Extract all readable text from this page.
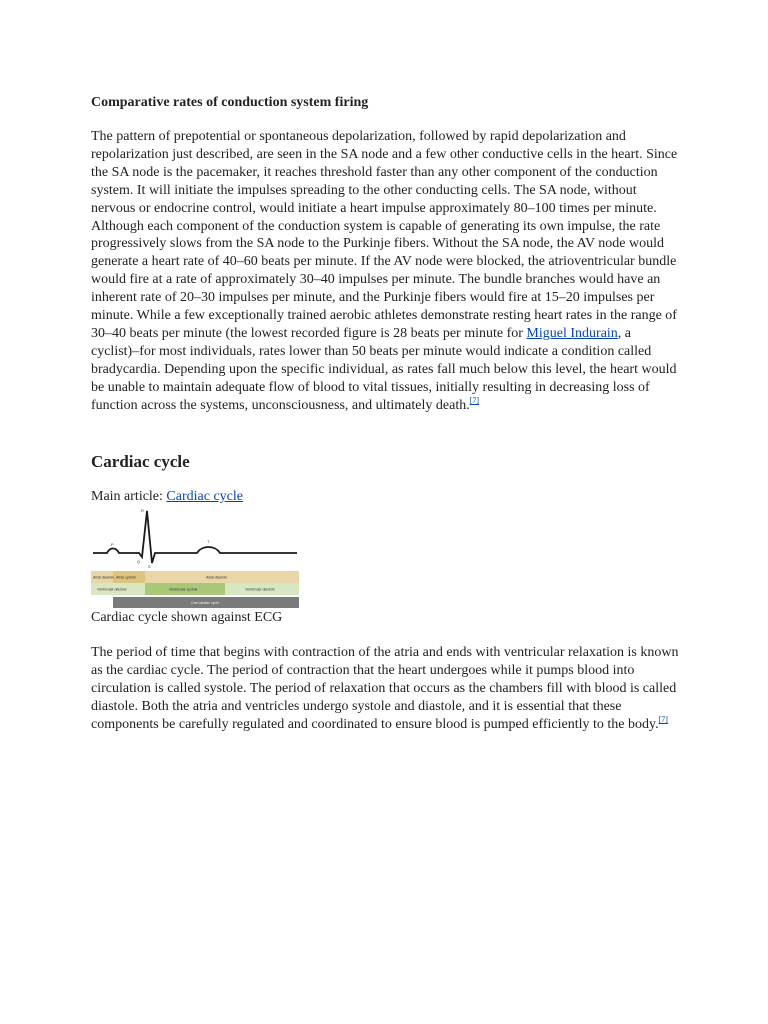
Comparative rates of conduction system firing

The pattern of prepotential or spontaneous depolarization, followed by rapid depolarization and repolarization just described, are seen in the SA node and a few other conductive cells in the heart. Since the SA node is the pacemaker, it reaches threshold faster than any other component of the conduction system. It will initiate the impulses spreading to the other conducting cells. The SA node, without nervous or endocrine control, would initiate a heart impulse approximately 80–100 times per minute. Although each component of the conduction system is capable of generating its own impulse, the rate progressively slows from the SA node to the Purkinje fibers. Without the SA node, the AV node would generate a heart rate of 40–60 beats per minute. If the AV node were blocked, the atrioventricular bundle would fire at a rate of approximately 30–40 impulses per minute. The bundle branches would have an inherent rate of 20–30 impulses per minute, and the Purkinje fibers would fire at 15–20 impulses per minute. While a few exceptionally trained aerobic athletes demonstrate resting heart rates in the range of 30–40 beats per minute (the lowest recorded figure is 28 beats per minute for Miguel Indurain, a cyclist)–for most individuals, rates lower than 50 beats per minute would indicate a condition called bradycardia. Depending upon the specific individual, as rates fall much below this level, the heart would be unable to maintain adequate flow of blood to vital tissues, initially resulting in decreasing loss of function across the systems, unconsciousness, and ultimately death.[7]

Cardiac cycle

Main article: Cardiac cycle

R
P
T
Q
S
Atrial diastole Atrial systole	Atrial diastole
Ventricular diastole	Ventricular systole	Ventricular diastole
One cardiac cycle

Cardiac cycle shown against ECG

The period of time that begins with contraction of the atria and ends with ventricular relaxation is known as the cardiac cycle. The period of contraction that the heart undergoes while it pumps blood into circulation is called systole. The period of relaxation that occurs as the chambers fill with blood is called diastole. Both the atria and ventricles undergo systole and diastole, and it is essential that these components be carefully regulated and coordinated to ensure blood is pumped efficiently to the body.[7]
